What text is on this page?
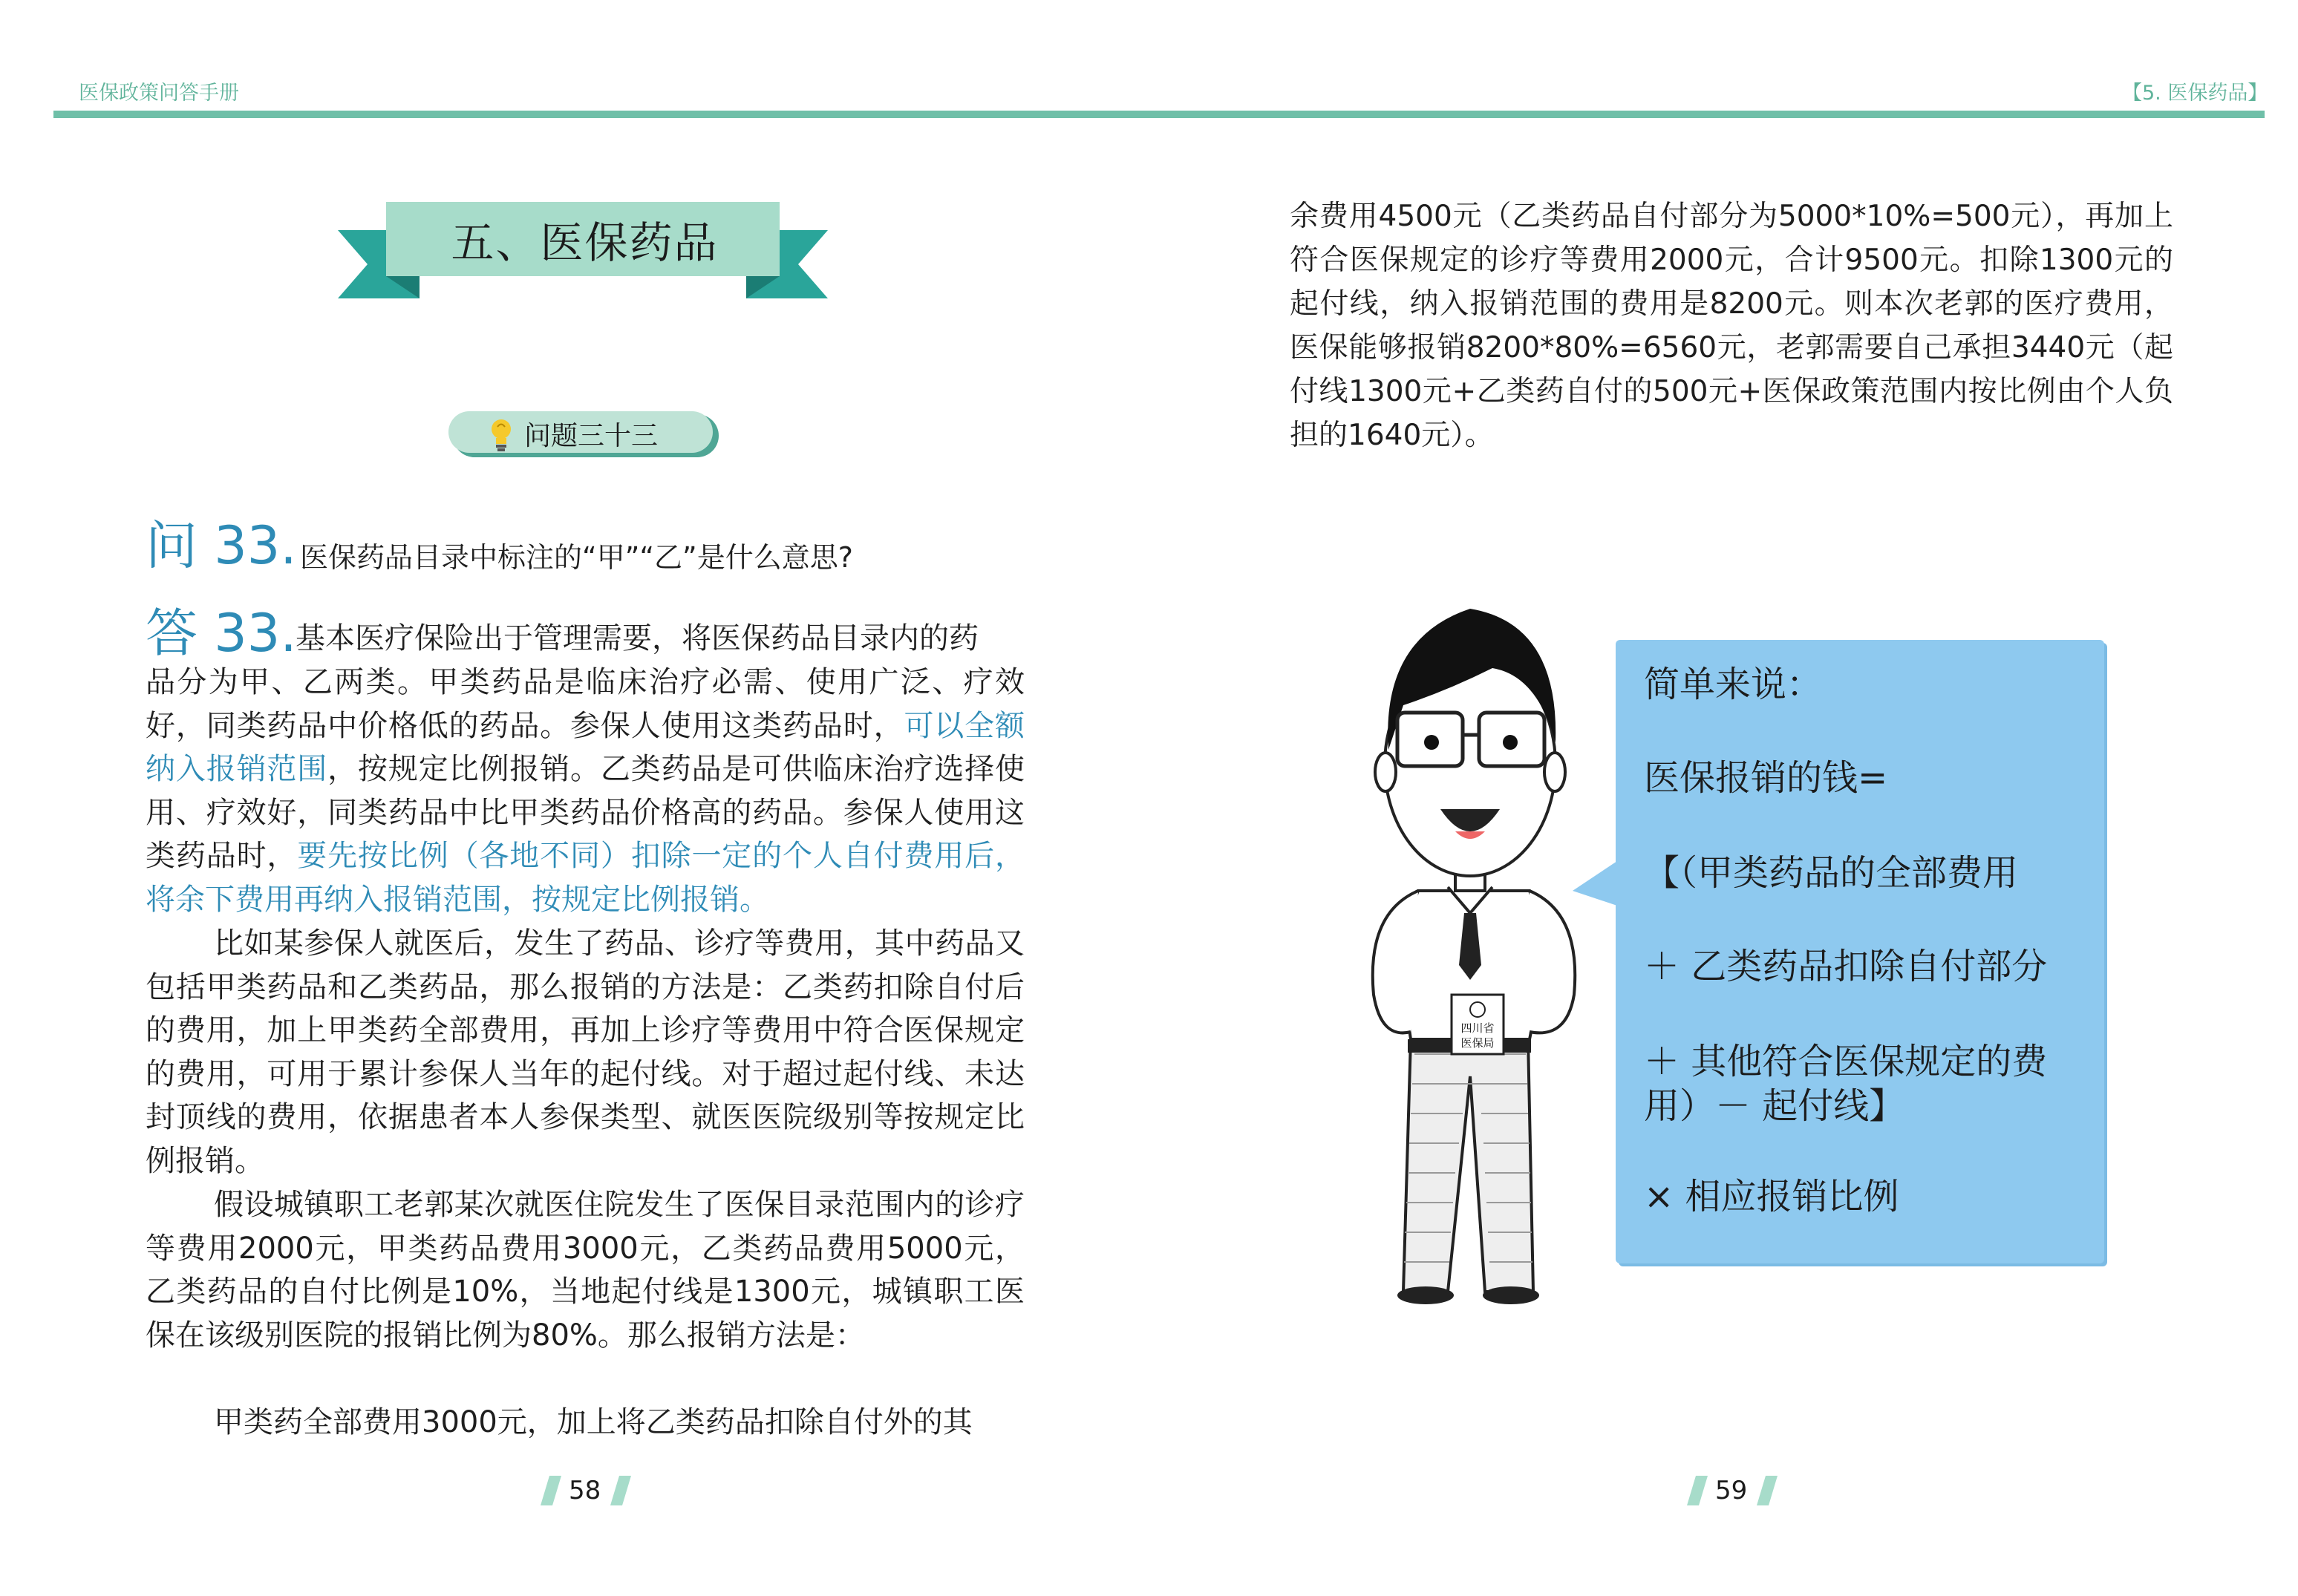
医保政策问答手册	【5. 医保药品】
五、医保药品
问题三十三
问 33. 医保药品目录中标注的“甲”“乙”是什么意思?
答 33.
基本医疗保险出于管理需要，将医保药品目录内的药
品分为甲、乙两类。甲类药品是临床治疗必需、使用广泛、疗效好，同类药品中价格低的药品。参保人使用这类药品时，可以全额纳入报销范围，按规定比例报销。乙类药品是可供临床治疗选择使用、疗效好，同类药品中比甲类药品价格高的药品。参保人使用这类药品时，要先按比例（各地不同）扣除一定的个人自付费用后，将余下费用再纳入报销范围，按规定比例报销。
比如某参保人就医后，发生了药品、诊疗等费用，其中药品又包括甲类药品和乙类药品，那么报销的方法是：乙类药扣除自付后的费用，加上甲类药全部费用，再加上诊疗等费用中符合医保规定的费用，可用于累计参保人当年的起付线。对于超过起付线、未达封顶线的费用，依据患者本人参保类型、就医医院级别等按规定比例报销。
假设城镇职工老郭某次就医住院发生了医保目录范围内的诊疗等费用2000元，甲类药品费用3000元，乙类药品费用5000元，乙类药品的自付比例是10%，当地起付线是1300元，城镇职工医保在该级别医院的报销比例为80%。那么报销方法是：
甲类药全部费用3000元，加上将乙类药品扣除自付外的其
余费用4500元（乙类药品自付部分为5000*10%=500元），再加上符合医保规定的诊疗等费用2000元，合计9500元。扣除1300元的起付线，纳入报销范围的费用是8200元。则本次老郭的医疗费用，医保能够报销8200*80%=6560元，老郭需要自己承担3440元（起付线1300元+乙类药自付的500元+医保政策范围内按比例由个人负担的1640元）。
四川省
医保局
简单来说：
医保报销的钱=
【（甲类药品的全部费用
＋ 乙类药品扣除自付部分
＋ 其他符合医保规定的费用）－ 起付线】
× 相应报销比例
58	59
